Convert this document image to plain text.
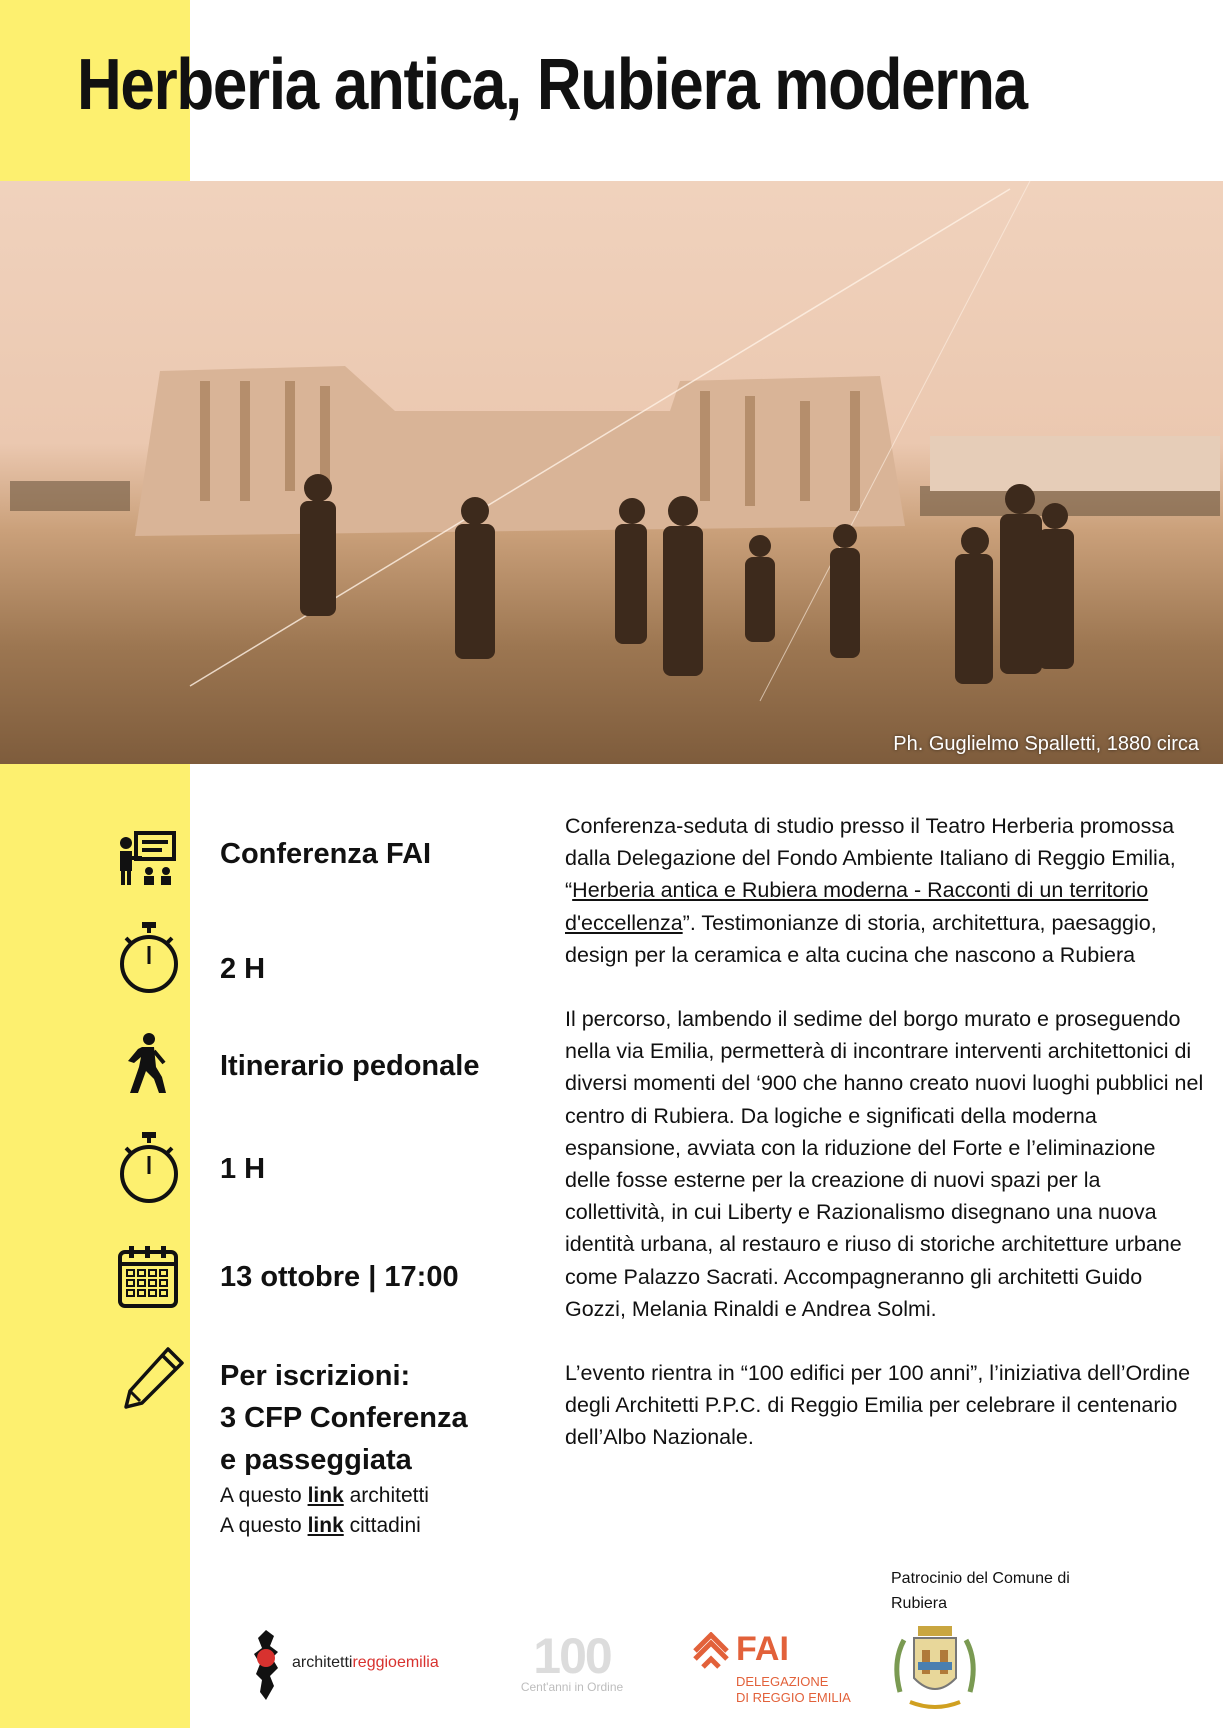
Herberia antica, Rubiera moderna
Ph. Guglielmo Spalletti, 1880 circa
Conferenza FAI
2 H
Itinerario pedonale
1 H
13 ottobre | 17:00
Per iscrizioni:
3 CFP Conferenza
e passeggiata
A questo link architetti
A questo link cittadini

Conferenza-seduta di studio presso il Teatro Herberia promossa dalla Delegazione del Fondo Ambiente Italiano di Reggio Emilia, “Herberia antica e Rubiera moderna - Racconti di un territorio d'eccellenza”. Testimonianze di storia, architettura, paesaggio, design per la ceramica e alta cucina che nascono a Rubiera

Il percorso, lambendo il sedime del borgo murato e proseguendo nella via Emilia, permetterà di incontrare interventi architettonici di diversi momenti del ‘900 che hanno creato nuovi luoghi pubblici nel centro di Rubiera. Da logiche e significati della moderna espansione, avviata con la riduzione del Forte e l’eliminazione delle fosse esterne per la creazione di nuovi spazi per la collettività, in cui Liberty e Razionalismo disegnano una nuova identità urbana, al restauro e riuso di storiche architetture urbane come Palazzo Sacrati. Accompagneranno gli architetti Guido Gozzi, Melania Rinaldi e Andrea Solmi.

L’evento rientra in “100 edifici per 100 anni”, l’iniziativa dell’Ordine degli Architetti P.P.C. di Reggio Emilia per celebrare il centenario dell’Albo Nazionale.

Patrocinio del Comune di Rubiera
architettireggioemilia	100
Cent'anni in Ordine
FAI
DELEGAZIONE
DI REGGIO EMILIA
